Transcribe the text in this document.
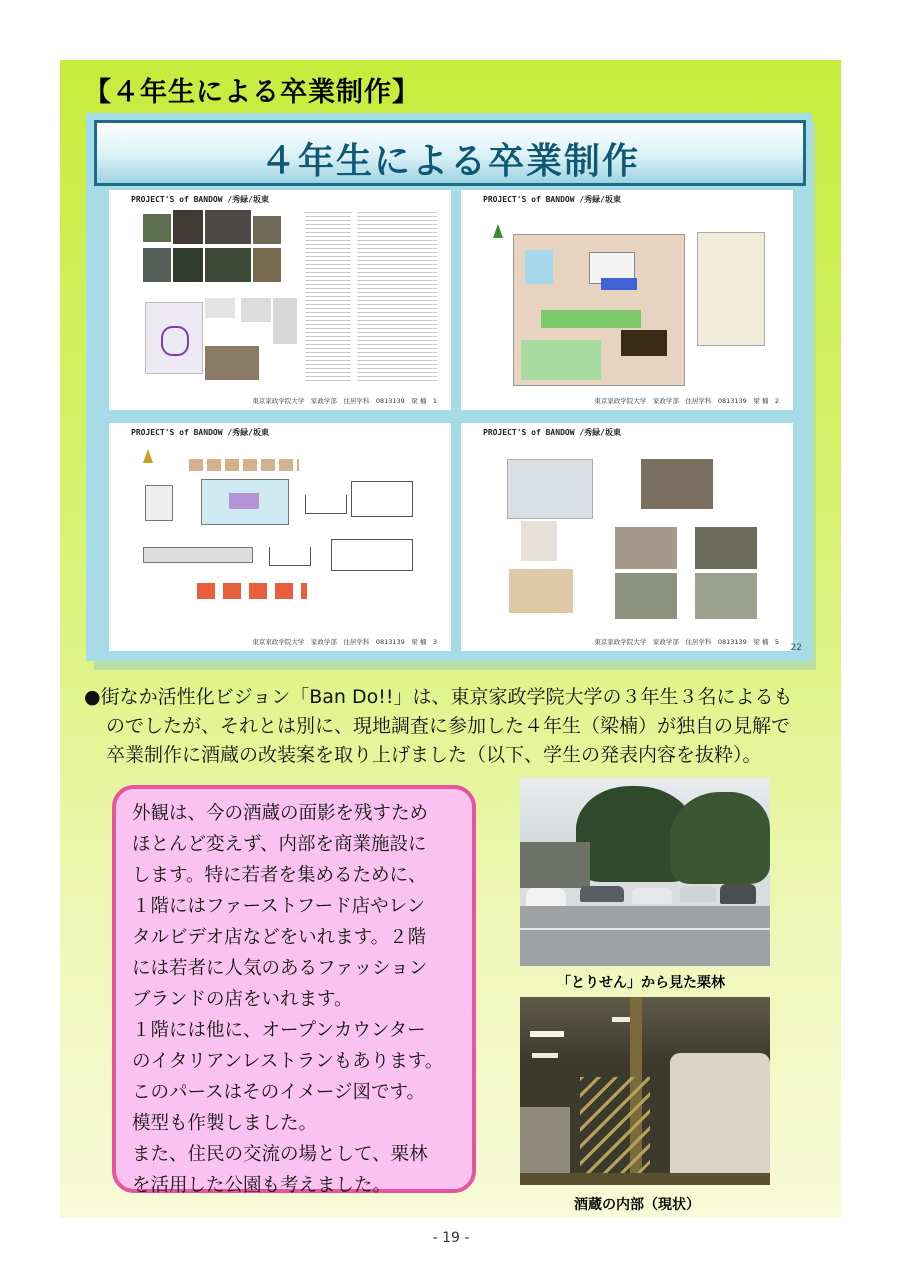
【４年生による卒業制作】
４年生による卒業制作
PROJECT'S of BANDOW /秀緑/坂東
東京家政学院大学　家政学部　住居学科　0813139　梁 楠　1
PROJECT'S of BANDOW /秀緑/坂東
東京家政学院大学　家政学部　住居学科　0813139　梁 楠　2
PROJECT'S of BANDOW /秀緑/坂東
東京家政学院大学　家政学部　住居学科　0813139　梁 楠　3
PROJECT'S of BANDOW /秀緑/坂東
東京家政学院大学　家政学部　住居学科　0813139　梁 楠　5
22
●街なか活性化ビジョン「Ban Do!!」は、東京家政学院大学の３年生３名によるも
のでしたが、それとは別に、現地調査に参加した４年生（梁楠）が独自の見解で
卒業制作に酒蔵の改装案を取り上げました（以下、学生の発表内容を抜粋）。
外観は、今の酒蔵の面影を残すため
ほとんど変えず、内部を商業施設に
します。特に若者を集めるために、
１階にはファーストフード店やレン
タルビデオ店などをいれます。２階
には若者に人気のあるファッション
ブランドの店をいれます。
１階には他に、オープンカウンター
のイタリアンレストランもあります。
このパースはそのイメージ図です。
模型も作製しました。
また、住民の交流の場として、栗林
を活用した公園も考えました。
「とりせん」から見た栗林
酒蔵の内部（現状）
- 19 -
